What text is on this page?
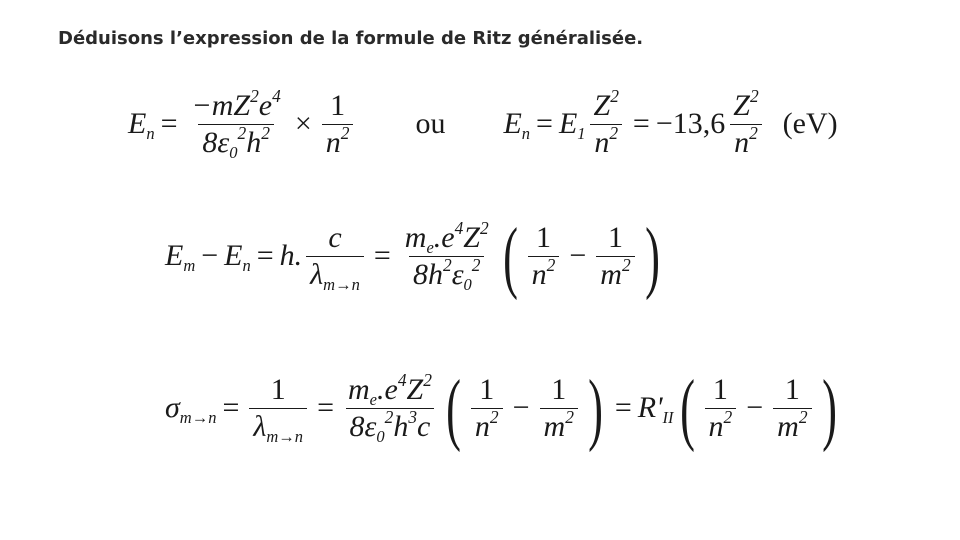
Déduisons l’expression de la formule de Ritz généralisée.
$E_n = \frac{-mZ^2e^4}{8\varepsilon_0^2h^2} \times \frac{1}{n^2}$ ou $E_n = E_1 \frac{Z^2}{n^2} = -13,6 \frac{Z^2}{n^2} (eV)$
$E_m - E_n = h$. $\frac{c}{\lambda_{m\to n}} = \frac{m_e.e^4Z^2}{8h^2\varepsilon_0^2}$ ( $\frac{1}{n^2} - \frac{1}{m^2}$ )
$\sigma_{m\to n} = \frac{1}{\lambda_{m\to n}} = \frac{m_e.e^4Z^2}{8\varepsilon_0^2h^3c}$ ( $\frac{1}{n^2} - \frac{1}{m^2}$ ) = $R'_{II}$ ( $\frac{1}{n^2} - \frac{1}{m^2}$ )
